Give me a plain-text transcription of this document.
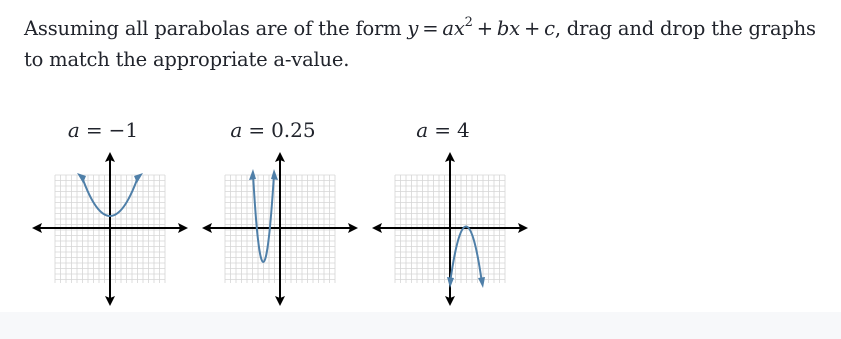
Assuming all parabolas are of the form $y = ax^2$ + bx + c, drag and drop the graphs to match the appropriate a-value.
a = −1	a = 0.25	a = 4
